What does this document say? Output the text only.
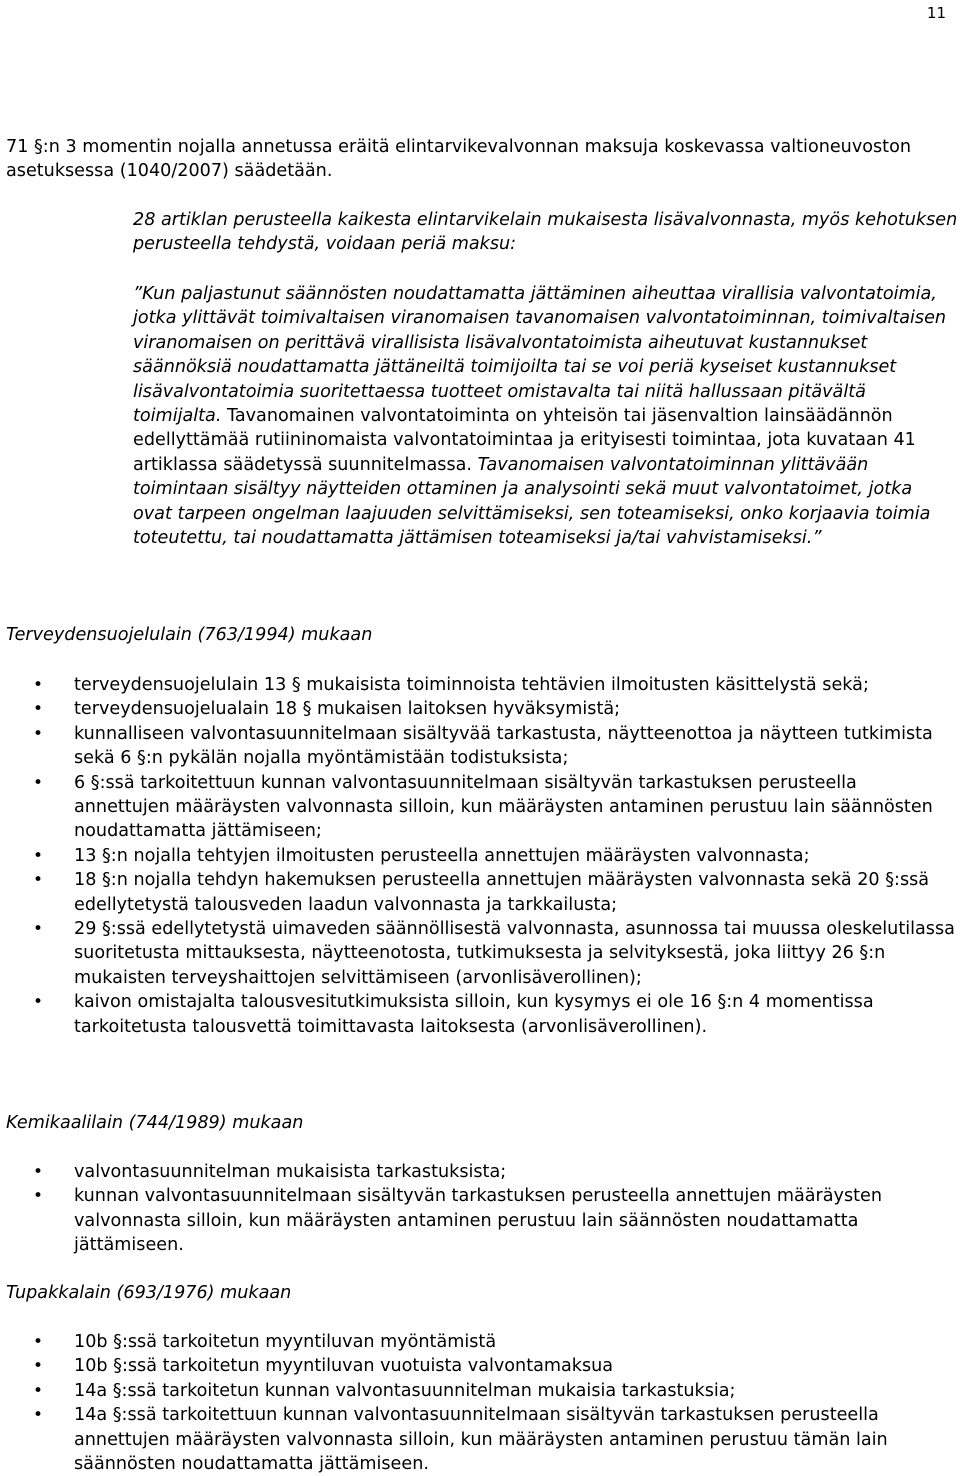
11

71 §:n 3 momentin nojalla annetussa eräitä elintarvikevalvonnan maksuja koskevassa valtioneuvoston asetuksessa (1040/2007) säädetään.

28 artiklan perusteella kaikesta elintarvikelain mukaisesta lisävalvonnasta, myös kehotuksen perusteella tehdystä, voidaan periä maksu:

”Kun paljastunut säännösten noudattamatta jättäminen aiheuttaa virallisia valvontatoimia, jotka ylittävät toimivaltaisen viranomaisen tavanomaisen valvontatoiminnan, toimivaltaisen viranomaisen on perittävä virallisista lisävalvontatoimista aiheutuvat kustannukset säännöksiä noudattamatta jättäneiltä toimijoilta tai se voi periä kyseiset kustannukset lisävalvontatoimia suoritettaessa tuotteet omistavalta tai niitä hallussaan pitävältä toimijalta. Tavanomainen valvontatoiminta on yhteisön tai jäsenvaltion lainsäädännön edellyttämää rutiininomaista valvontatoimintaa ja erityisesti toimintaa, jota kuvataan 41 artiklassa säädetyssä suunnitelmassa. Tavanomaisen valvontatoiminnan ylittävään toimintaan sisältyy näytteiden ottaminen ja analysointi sekä muut valvontatoimet, jotka ovat tarpeen ongelman laajuuden selvittämiseksi, sen toteamiseksi, onko korjaavia toimia toteutettu, tai noudattamatta jättämisen toteamiseksi ja/tai vahvistamiseksi.”

Terveydensuojelulain (763/1994) mukaan

• terveydensuojelulain 13 § mukaisista toiminnoista tehtävien ilmoitusten käsittelystä sekä;
• terveydensuojelualain 18 § mukaisen laitoksen hyväksymistä;
• kunnalliseen valvontasuunnitelmaan sisältyvää tarkastusta, näytteenottoa ja näytteen tutkimista sekä 6 §:n pykälän nojalla myöntämistään todistuksista;
• 6 §:ssä tarkoitettuun kunnan valvontasuunnitelmaan sisältyvän tarkastuksen perusteella annettujen määräysten valvonnasta silloin, kun määräysten antaminen perustuu lain säännösten noudattamatta jättämiseen;
• 13 §:n nojalla tehtyjen ilmoitusten perusteella annettujen määräysten valvonnasta;
• 18 §:n nojalla tehdyn hakemuksen perusteella annettujen määräysten valvonnasta sekä 20 §:ssä edellytetystä talousveden laadun valvonnasta ja tarkkailusta;
• 29 §:ssä edellytetystä uimaveden säännöllisestä valvonnasta, asunnossa tai muussa oleskelutilassa suoritetusta mittauksesta, näytteenotosta, tutkimuksesta ja selvityksestä, joka liittyy 26 §:n mukaisten terveyshaittojen selvittämiseen (arvonlisäverollinen);
• kaivon omistajalta talousvesitutkimuksista silloin, kun kysymys ei ole 16 §:n 4 momentissa tarkoitetusta talousvettä toimittavasta laitoksesta (arvonlisäverollinen).

Kemikaalilain (744/1989) mukaan

• valvontasuunnitelman mukaisista tarkastuksista;
• kunnan valvontasuunnitelmaan sisältyvän tarkastuksen perusteella annettujen määräysten valvonnasta silloin, kun määräysten antaminen perustuu lain säännösten noudattamatta jättämiseen.

Tupakkalain (693/1976) mukaan

• 10b §:ssä tarkoitetun myyntiluvan myöntämistä
• 10b §:ssä tarkoitetun myyntiluvan vuotuista valvontamaksua
• 14a §:ssä tarkoitetun kunnan valvontasuunnitelman mukaisia tarkastuksia;
• 14a §:ssä tarkoitettuun kunnan valvontasuunnitelmaan sisältyvän tarkastuksen perusteella annettujen määräysten valvonnasta silloin, kun määräysten antaminen perustuu tämän lain säännösten noudattamatta jättämiseen.
